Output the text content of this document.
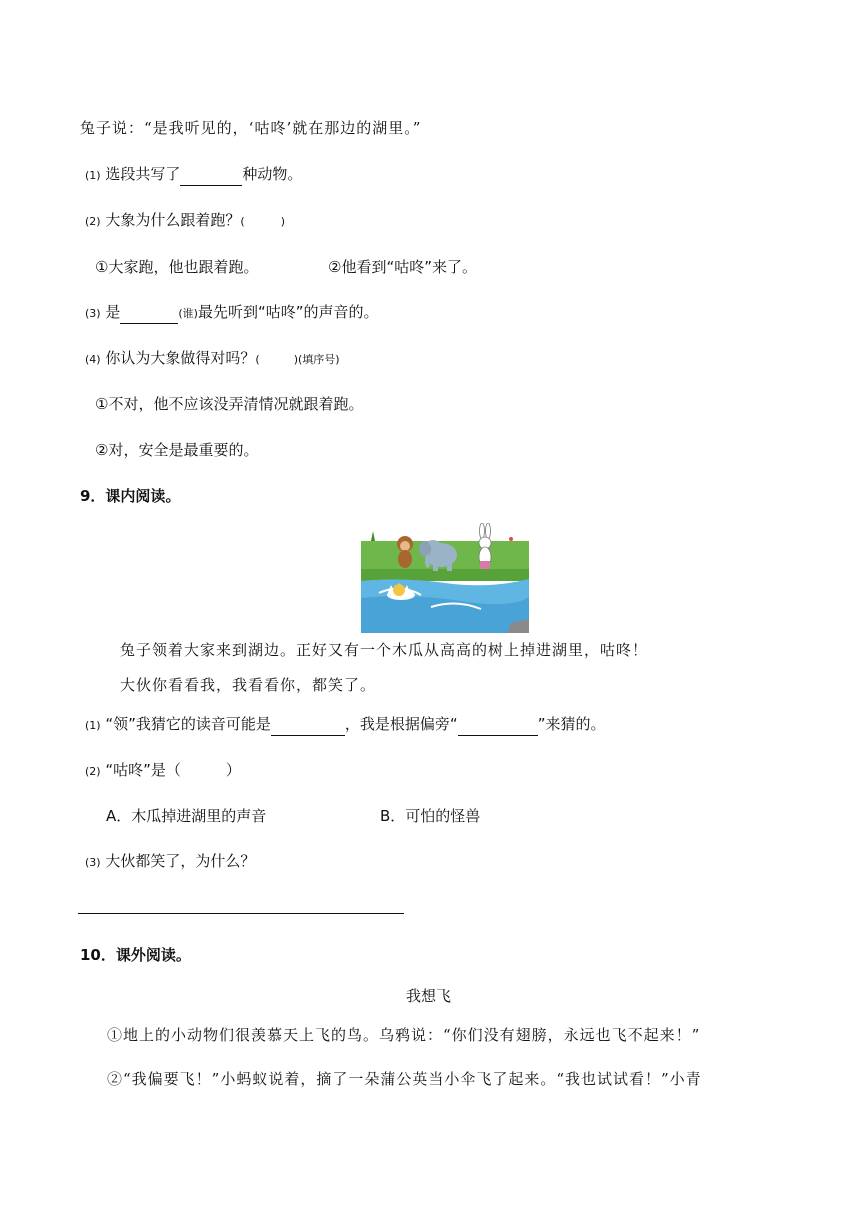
兔子说：“是我听见的，‘咕咚’就在那边的湖里。”
(1) 选段共写了	种动物。
(2) 大象为什么跟着跑？(	)
①大家跑，他也跟着跑。	②他看到“咕咚”来了。
(3) 是	(谁)最先听到“咕咚”的声音的。
(4) 你认为大象做得对吗？(	)(填序号)
①不对，他不应该没弄清情况就跟着跑。
②对，安全是最重要的。
9．课内阅读。
兔子领着大家来到湖边。正好又有一个木瓜从高高的树上掉进湖里，咕咚！
大伙你看看我，我看看你，都笑了。
(1) “领”我猜它的读音可能是	，我是根据偏旁“	”来猜的。
(2) “咕咚”是（　　　）
A．木瓜掉进湖里的声音	B．可怕的怪兽
(3) 大伙都笑了，为什么？
10．课外阅读。
我想飞
①地上的小动物们很羡慕天上飞的鸟。乌鸦说：“你们没有翅膀，永远也飞不起来！”
②“我偏要飞！”小蚂蚁说着，摘了一朵蒲公英当小伞飞了起来。“我也试试看！”小青
